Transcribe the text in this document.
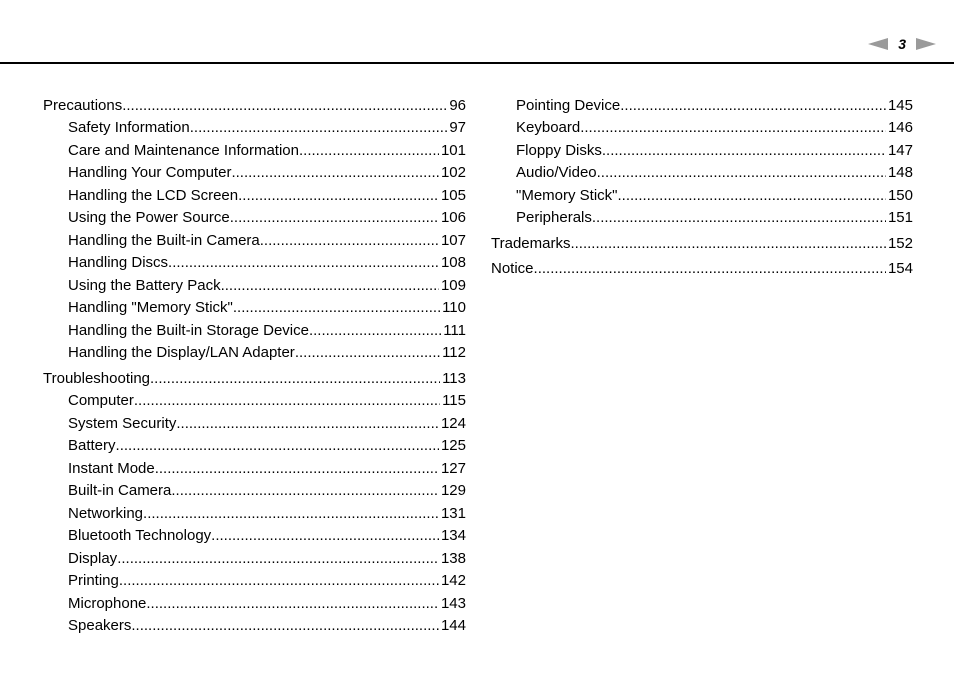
3
Precautions .....	96
Safety Information .....	97
Care and Maintenance Information .....	101
Handling Your Computer .....	102
Handling the LCD Screen .....	105
Using the Power Source .....	106
Handling the Built-in Camera .....	107
Handling Discs .....	108
Using the Battery Pack .....	109
Handling "Memory Stick" .....	110
Handling the Built-in Storage Device .....	111
Handling the Display/LAN Adapter .....	112
Troubleshooting .....	113
Computer .....	115
System Security .....	124
Battery .....	125
Instant Mode .....	127
Built-in Camera .....	129
Networking .....	131
Bluetooth Technology .....	134
Display .....	138
Printing .....	142
Microphone .....	143
Speakers .....	144
Pointing Device .....	145
Keyboard .....	146
Floppy Disks .....	147
Audio/Video .....	148
"Memory Stick" .....	150
Peripherals .....	151
Trademarks .....	152
Notice .....	154
